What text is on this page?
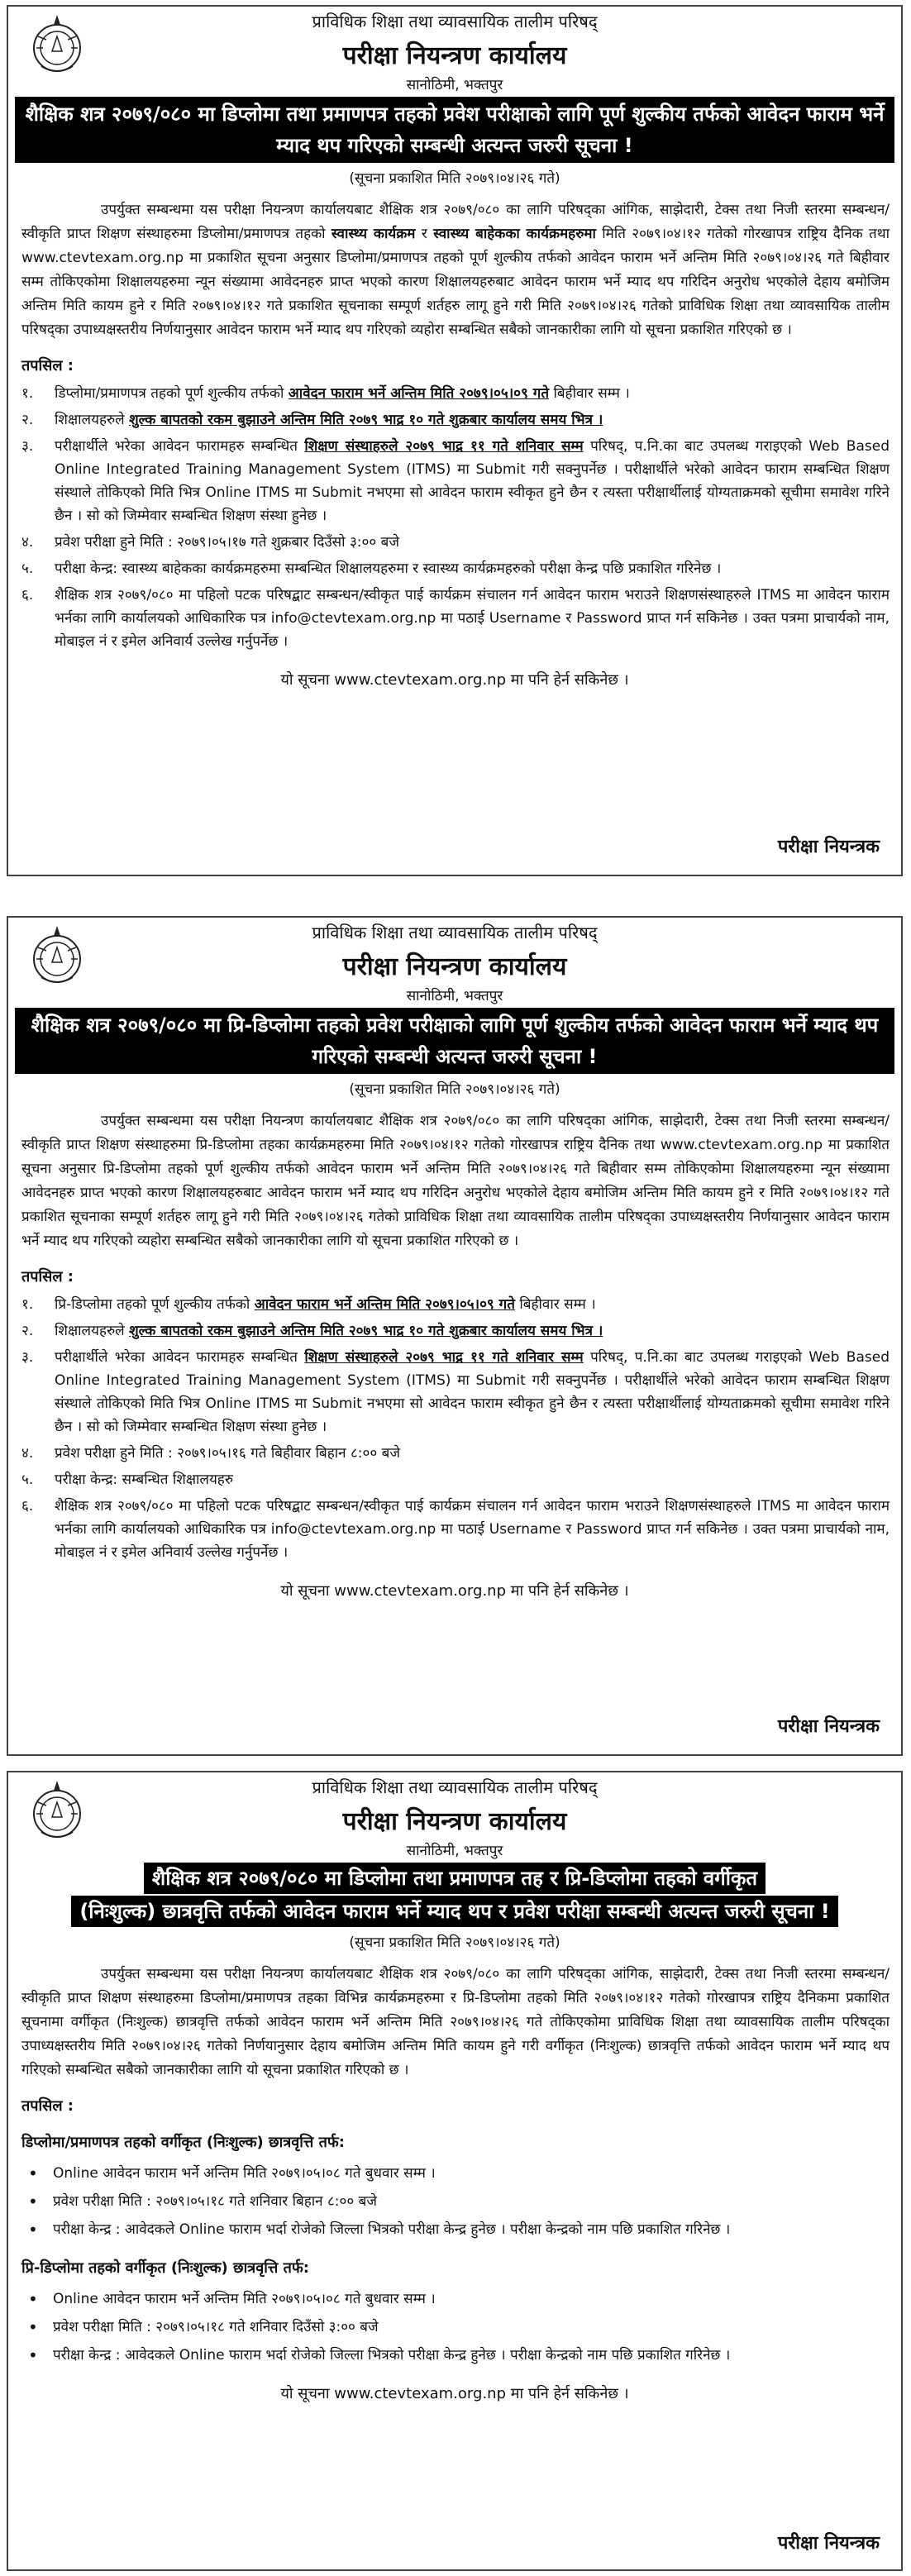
प्राविधिक शिक्षा तथा व्यावसायिक तालीम परिषद्
परीक्षा नियन्त्रण कार्यालय
सानोठिमी, भक्तपुर
शैक्षिक शत्र २०७९/०८० मा डिप्लोमा तथा प्रमाणपत्र तहको प्रवेश परीक्षाको लागि पूर्ण शुल्कीय तर्फको आवेदन फाराम भर्ने म्याद थप गरिएको सम्बन्धी अत्यन्त जरुरी सूचना !
(सूचना प्रकाशित मिति २०७९।०४।२६ गते)
उपर्युक्त सम्बन्धमा यस परीक्षा नियन्त्रण कार्यालयबाट शैक्षिक शत्र २०७९/०८० का लागि परिषद्का आंगिक, साझेदारी, टेक्स तथा निजी स्तरमा सम्बन्धन/स्वीकृति प्राप्त शिक्षण संस्थाहरुमा डिप्लोमा/प्रमाणपत्र तहको स्वास्थ्य कार्यक्रम र स्वास्थ्य बाहेकका कार्यक्रमहरुमा मिति २०७९।०४।१२ गतेको गोरखापत्र राष्ट्रिय दैनिक तथा www.ctevtexam.org.np मा प्रकाशित सूचना अनुसार डिप्लोमा/प्रमाणपत्र तहको पूर्ण शुल्कीय तर्फको आवेदन फाराम भर्ने अन्तिम मिति २०७९।०४।२६ गते बिहीवार सम्म तोकिएकोमा शिक्षालयहरुमा न्यून संख्यामा आवेदनहरु प्राप्त भएको कारण शिक्षालयहरुबाट आवेदन फाराम भर्ने म्याद थप गरिदिन अनुरोध भएकोले देहाय बमोजिम अन्तिम मिति कायम हुने र मिति २०७९।०४।१२ गते प्रकाशित सूचनाका सम्पूर्ण शर्तहरु लागू हुने गरी मिति २०७९।०४।२६ गतेको प्राविधिक शिक्षा तथा व्यावसायिक तालीम परिषद्का उपाध्यक्षस्तरीय निर्णयानुसार आवेदन फाराम भर्ने म्याद थप गरिएको व्यहोरा सम्बन्धित सबैको जानकारीका लागि यो सूचना प्रकाशित गरिएको छ ।
तपसिल :
१.	डिप्लोमा/प्रमाणपत्र तहको पूर्ण शुल्कीय तर्फको आवेदन फाराम भर्ने अन्तिम मिति २०७९।०५।०९ गते बिहीवार सम्म ।
२.	शिक्षालयहरुले शुल्क बापतको रकम बुझाउने अन्तिम मिति २०७९ भाद्र १० गते शुक्रबार कार्यालय समय भित्र ।
३.	परीक्षार्थीले भरेका आवेदन फारामहरु सम्बन्धित शिक्षण संस्थाहरुले २०७९ भाद्र ११ गते शनिवार सम्म परिषद्, प.नि.का बाट उपलब्ध गराइएको Web Based Online Integrated Training Management System (ITMS) मा Submit गरी सक्नुपर्नेछ । परीक्षार्थीले भरेको आवेदन फाराम सम्बन्धित शिक्षण संस्थाले तोकिएको मिति भित्र Online ITMS मा Submit नभएमा सो आवेदन फाराम स्वीकृत हुने छैन र त्यस्ता परीक्षार्थीलाई योग्यताक्रमको सूचीमा समावेश गरिने छैन । सो को जिम्मेवार सम्बन्धित शिक्षण संस्था हुनेछ ।
४.	प्रवेश परीक्षा हुने मिति : २०७९।०५।१७ गते शुक्रबार दिउँसो ३:०० बजे
५.	परीक्षा केन्द्र: स्वास्थ्य बाहेकका कार्यक्रमहरुमा सम्बन्धित शिक्षालयहरुमा र स्वास्थ्य कार्यक्रमहरुको परीक्षा केन्द्र पछि प्रकाशित गरिनेछ ।
६.	शैक्षिक शत्र २०७९/०८० मा पहिलो पटक परिषद्बाट सम्बन्धन/स्वीकृत पाई कार्यक्रम संचालन गर्न आवेदन फाराम भराउने शिक्षणसंस्थाहरुले ITMS मा आवेदन फाराम भर्नका लागि कार्यालयको आधिकारिक पत्र info@ctevtexam.org.np मा पठाई Username र Password प्राप्त गर्न सकिनेछ । उक्त पत्रमा प्राचार्यको नाम, मोबाइल नं र इमेल अनिवार्य उल्लेख गर्नुपर्नेछ ।
यो सूचना www.ctevtexam.org.np मा पनि हेर्न सकिनेछ ।
परीक्षा नियन्त्रक
प्राविधिक शिक्षा तथा व्यावसायिक तालीम परिषद्
परीक्षा नियन्त्रण कार्यालय
सानोठिमी, भक्तपुर
शैक्षिक शत्र २०७९/०८० मा प्रि-डिप्लोमा तहको प्रवेश परीक्षाको लागि पूर्ण शुल्कीय तर्फको आवेदन फाराम भर्ने म्याद थप गरिएको सम्बन्धी अत्यन्त जरुरी सूचना !
(सूचना प्रकाशित मिति २०७९।०४।२६ गते)
उपर्युक्त सम्बन्धमा यस परीक्षा नियन्त्रण कार्यालयबाट शैक्षिक शत्र २०७९/०८० का लागि परिषद्का आंगिक, साझेदारी, टेक्स तथा निजी स्तरमा सम्बन्धन/स्वीकृति प्राप्त शिक्षण संस्थाहरुमा प्रि-डिप्लोमा तहका कार्यक्रमहरुमा मिति २०७९।०४।१२ गतेको गोरखापत्र राष्ट्रिय दैनिक तथा www.ctevtexam.org.np मा प्रकाशित सूचना अनुसार प्रि-डिप्लोमा तहको पूर्ण शुल्कीय तर्फको आवेदन फाराम भर्ने अन्तिम मिति २०७९।०४।२६ गते बिहीवार सम्म तोकिएकोमा शिक्षालयहरुमा न्यून संख्यामा आवेदनहरु प्राप्त भएको कारण शिक्षालयहरुबाट आवेदन फाराम भर्ने म्याद थप गरिदिन अनुरोध भएकोले देहाय बमोजिम अन्तिम मिति कायम हुने र मिति २०७९।०४।१२ गते प्रकाशित सूचनाका सम्पूर्ण शर्तहरु लागू हुने गरी मिति २०७९।०४।२६ गतेको प्राविधिक शिक्षा तथा व्यावसायिक तालीम परिषद्का उपाध्यक्षस्तरीय निर्णयानुसार आवेदन फाराम भर्ने म्याद थप गरिएको व्यहोरा सम्बन्धित सबैको जानकारीका लागि यो सूचना प्रकाशित गरिएको छ ।
तपसिल :
१.	प्रि-डिप्लोमा तहको पूर्ण शुल्कीय तर्फको आवेदन फाराम भर्ने अन्तिम मिति २०७९।०५।०९ गते बिहीवार सम्म ।
२.	शिक्षालयहरुले शुल्क बापतको रकम बुझाउने अन्तिम मिति २०७९ भाद्र १० गते शुक्रबार कार्यालय समय भित्र ।
३.	परीक्षार्थीले भरेका आवेदन फारामहरु सम्बन्धित शिक्षण संस्थाहरुले २०७९ भाद्र ११ गते शनिवार सम्म परिषद्, प.नि.का बाट उपलब्ध गराइएको Web Based Online Integrated Training Management System (ITMS) मा Submit गरी सक्नुपर्नेछ । परीक्षार्थीले भरेको आवेदन फाराम सम्बन्धित शिक्षण संस्थाले तोकिएको मिति भित्र Online ITMS मा Submit नभएमा सो आवेदन फाराम स्वीकृत हुने छैन र त्यस्ता परीक्षार्थीलाई योग्यताक्रमको सूचीमा समावेश गरिने छैन । सो को जिम्मेवार सम्बन्धित शिक्षण संस्था हुनेछ ।
४.	प्रवेश परीक्षा हुने मिति : २०७९।०५।१६ गते बिहीवार बिहान ८:०० बजे
५.	परीक्षा केन्द्र: सम्बन्धित शिक्षालयहरु
६.	शैक्षिक शत्र २०७९/०८० मा पहिलो पटक परिषद्बाट सम्बन्धन/स्वीकृत पाई कार्यक्रम संचालन गर्न आवेदन फाराम भराउने शिक्षणसंस्थाहरुले ITMS मा आवेदन फाराम भर्नका लागि कार्यालयको आधिकारिक पत्र info@ctevtexam.org.np मा पठाई Username र Password प्राप्त गर्न सकिनेछ । उक्त पत्रमा प्राचार्यको नाम, मोबाइल नं र इमेल अनिवार्य उल्लेख गर्नुपर्नेछ ।
यो सूचना www.ctevtexam.org.np मा पनि हेर्न सकिनेछ ।
परीक्षा नियन्त्रक
प्राविधिक शिक्षा तथा व्यावसायिक तालीम परिषद्
परीक्षा नियन्त्रण कार्यालय
सानोठिमी, भक्तपुर
शैक्षिक शत्र २०७९/०८० मा डिप्लोमा तथा प्रमाणपत्र तह र प्रि-डिप्लोमा तहको वर्गीकृत
(निःशुल्क) छात्रवृत्ति तर्फको आवेदन फाराम भर्ने म्याद थप र प्रवेश परीक्षा सम्बन्धी अत्यन्त जरुरी सूचना !
(सूचना प्रकाशित मिति २०७९।०४।२६ गते)
उपर्युक्त सम्बन्धमा यस परीक्षा नियन्त्रण कार्यालयबाट शैक्षिक शत्र २०७९/०८० का लागि परिषद्का आंगिक, साझेदारी, टेक्स तथा निजी स्तरमा सम्बन्धन/स्वीकृति प्राप्त शिक्षण संस्थाहरुमा डिप्लोमा/प्रमाणपत्र तहका विभिन्न कार्यक्रमहरुमा र प्रि-डिप्लोमा तहको मिति २०७९।०४।१२ गतेको गोरखापत्र राष्ट्रिय दैनिकमा प्रकाशित सूचनामा वर्गीकृत (निःशुल्क) छात्रवृत्ति तर्फको आवेदन फाराम भर्ने अन्तिम मिति २०७९।०४।२६ गते तोकिएकोमा प्राविधिक शिक्षा तथा व्यावसायिक तालीम परिषद्का उपाध्यक्षस्तरीय मिति २०७९।०४।२६ गतेको निर्णयानुसार देहाय बमोजिम अन्तिम मिति कायम हुने गरी वर्गीकृत (निःशुल्क) छात्रवृत्ति तर्फको आवेदन फाराम भर्ने म्याद थप गरिएको सम्बन्धित सबैको जानकारीका लागि यो सूचना प्रकाशित गरिएको छ ।
तपसिल :
डिप्लोमा/प्रमाणपत्र तहको वर्गीकृत (निःशुल्क) छात्रवृत्ति तर्फ:
•	Online आवेदन फाराम भर्ने अन्तिम मिति २०७९।०५।०८ गते बुधवार सम्म ।
•	प्रवेश परीक्षा मिति : २०७९।०५।१८ गते शनिवार बिहान ८:०० बजे
•	परीक्षा केन्द्र : आवेदकले Online फाराम भर्दा रोजेको जिल्ला भित्रको परीक्षा केन्द्र हुनेछ । परीक्षा केन्द्रको नाम पछि प्रकाशित गरिनेछ ।
प्रि-डिप्लोमा तहको वर्गीकृत (निःशुल्क) छात्रवृत्ति तर्फ:
•	Online आवेदन फाराम भर्ने अन्तिम मिति २०७९।०५।०८ गते बुधवार सम्म ।
•	प्रवेश परीक्षा मिति : २०७९।०५।१८ गते शनिवार दिउँसो ३:०० बजे
•	परीक्षा केन्द्र : आवेदकले Online फाराम भर्दा रोजेको जिल्ला भित्रको परीक्षा केन्द्र हुनेछ । परीक्षा केन्द्रको नाम पछि प्रकाशित गरिनेछ ।
यो सूचना www.ctevtexam.org.np मा पनि हेर्न सकिनेछ ।
परीक्षा नियन्त्रक
